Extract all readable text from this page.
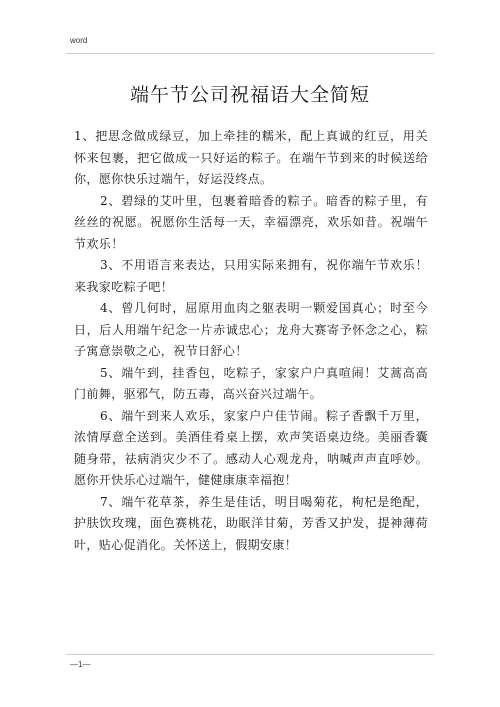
word
端午节公司祝福语大全简短

1、把思念做成绿豆，加上牵挂的糯米，配上真诚的红豆，用关怀来包裹，把它做成一只好运的粽子。在端午节到来的时候送给你，愿你快乐过端午，好运没终点。

2、碧绿的艾叶里，包裹着暗香的粽子。暗香的粽子里，有丝丝的祝愿。祝愿你生活每一天，幸福漂亮，欢乐如昔。祝端午节欢乐！

3、不用语言来表达，只用实际来拥有，祝你端午节欢乐！来我家吃粽子吧！

4、曾几何时，屈原用血肉之躯表明一颗爱国真心；时至今日，后人用端午纪念一片赤诚忠心；龙舟大赛寄予怀念之心，粽子寓意崇敬之心，祝节日舒心！

5、端午到，挂香包，吃粽子，家家户户真喧闹！艾蒿高高门前舞，驱邪气，防五毒，高兴奋兴过端午。

6、端午到来人欢乐，家家户户佳节闹。粽子香飘千万里，浓情厚意全送到。美酒佳肴桌上摆，欢声笑语桌边绕。美丽香囊随身带，祛病消灾少不了。感动人心观龙舟，呐喊声声直呼妙。愿你开快乐心过端午，健健康康幸福抱！

7、端午花草茶，养生是佳话，明目喝菊花，枸杞是绝配，护肤饮玫瑰，面色赛桃花，助眠洋甘菊，芳香又护发，提神薄荷叶，贴心促消化。关怀送上，假期安康！

—1—
